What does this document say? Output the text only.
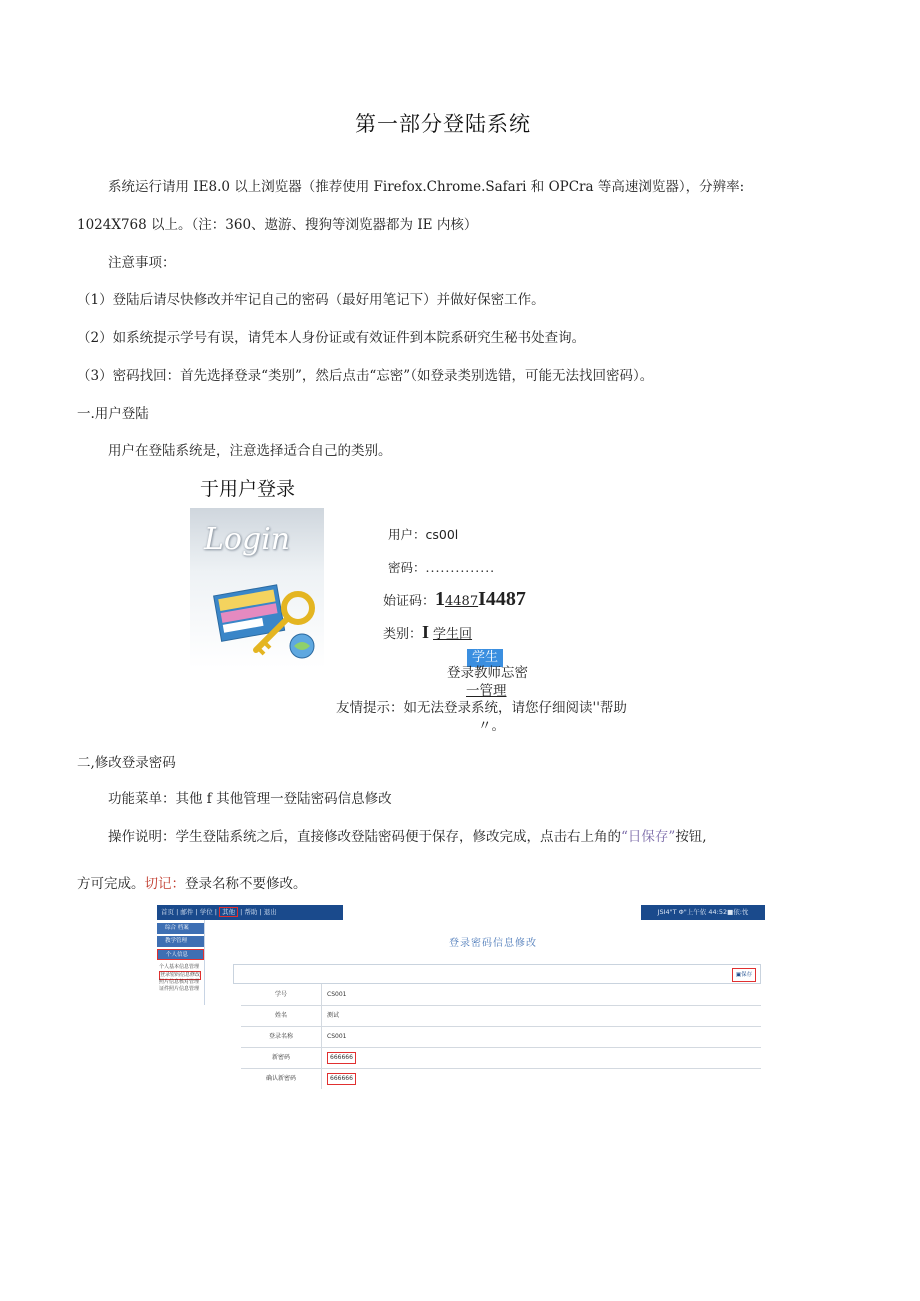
第一部分登陆系统
系统运行请用 IE8.0 以上浏览器（推荐使用 Firefox.Chrome.Safari 和 OPCra 等高速浏览器），分辨率:
1024X768 以上。（注：360、遨游、搜狗等浏览器都为 IE 内核）
注意事项：
（1）登陆后请尽快修改并牢记自己的密码（最好用笔记下）并做好保密工作。
（2）如系统提示学号有误，请凭本人身份证或有效证件到本院系研究生秘书处查询。
（3）密码找回：首先选择登录“类别”，然后点击“忘密”（如登录类别选错，可能无法找回密码）。
一.用户登陆
用户在登陆系统是，注意选择适合自己的类别。
于用户登录
Login	用户：cs00l
密码：..............
始证码：14487I4487
类别：I 学生回
学生
登录教师忘密
一管理
友情提示：如无法登录系统，请您仔细阅读''帮助
〃。
二,修改登录密码
功能菜单：其他 f 其他管理一登陆密码信息修改
操作说明：学生登陆系统之后，直接修改登陆密码便于保存，修改完成，点击右上角的“日保存”按钮,
方可完成。切记：登录名称不要修改。
首页 | 邮件 | 学位 | 其他 | 帮助 | 退出	JSI4"T Φ"上午依 44:52■依:忱
综合 档案
教学管理
个人信息
个人基本信息管理
登录密码信息修改
照片信息核对管理
证件照片信息管理
登录密码信息修改
▣保存
学号	CS001
姓名	测试
登录名称	CS001
新密码	666666
确认新密码	666666
